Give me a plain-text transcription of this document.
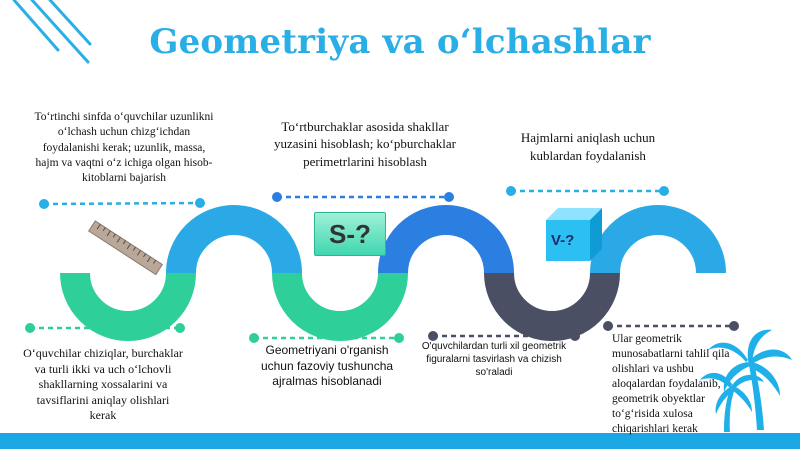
Geometriya va o‘lchashlar
To‘rtinchi sinfda o‘quvchilar uzunlikni o‘lchash uchun chizg‘ichdan foydalanishi kerak; uzunlik, massa, hajm va vaqtni o‘z ichiga olgan hisob-kitoblarni bajarish
To‘rtburchaklar asosida shakllar yuzasini hisoblash; ko‘pburchaklar perimetrlarini hisoblash
Hajmlarni aniqlash uchun kublardan foydalanish
S-?	V-?
O‘quvchilar chiziqlar, burchaklar va turli ikki va uch o‘lchovli shakllarning xossalarini va tavsiflarini aniqlay olishlari kerak
Geometriyani o'rganish uchun fazoviy tushuncha ajralmas hisoblanadi
O'quvchilardan turli xil geometrik figuralarni tasvirlash va chizish so'raladi
Ular geometrik munosabatlarni tahlil qila olishlari va ushbu aloqalardan foydalanib, geometrik obyektlar to‘g‘risida xulosa chiqarishlari kerak
